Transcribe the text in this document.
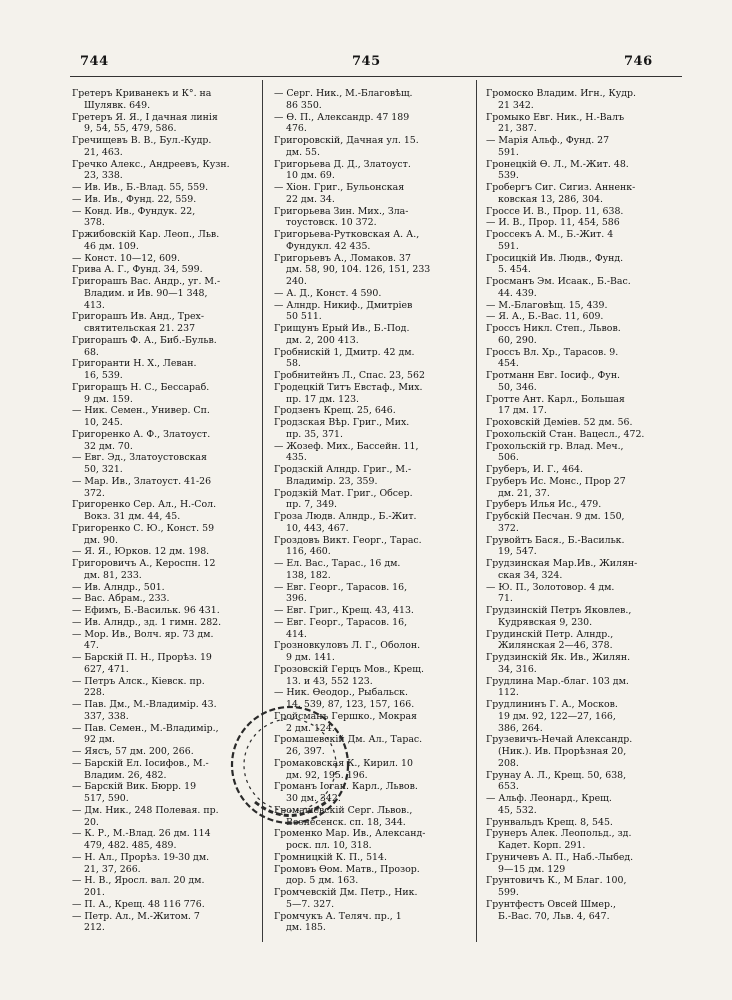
744	745	746
Гретеръ Криванекъ и К°. на
Шулявк. 649.
Гретеръ Я. Я., I дачная линія
9, 54, 55, 479, 586.
Гречищевъ В. В., Бул.-Кудр.
21, 463.
Гречко Алекс., Андреевъ, Кузн.
23, 338.
— Ив. Ив., Б.-Влад. 55, 559.
— Ив. Ив., Фунд. 22, 559.
— Конд. Ив., Фундук. 22,
378.
Гржибовскій Кар. Леоп., Льв.
46 дм. 109.
— Конст. 10—12, 609.
Грива А. Г., Фунд. 34, 599.
Григорашъ Вас. Андр., уг. М.-
Владим. и Ив. 90—1 348,
413.
Григорашъ Ив. Анд., Трех-
святительская 21. 237
Григорашъ Ф. А., Биб.-Бульв.
68.
Григоранти Н. Х., Леван.
16, 539.
Григоращъ Н. С., Бессараб.
9 дм. 159.
— Ник. Семен., Универ. Сп.
10, 245.
Григоренко А. Ф., Златоуст.
32 дм. 70.
— Евг. Эд., Златоустовская
50, 321.
— Мар. Ив., Златоуст. 41-26
372.
Григоренко Сер. Ал., Н.-Сол.
Вокз. 31 дм. 44, 45.
Григоренко С. Ю., Конст. 59
дм. 90.
— Я. Я., Юрков. 12 дм. 198.
Григоровичъ А., Кероспн. 12
дм. 81, 233.
— Ив. Алндр., 501.
— Вас. Абрам., 233.
— Ефимъ, Б.-Васильк. 96 431.
— Ив. Алндр., зд. 1 гимн. 282.
— Мор. Ив., Волч. яр. 73 дм.
47.
— Барскій П. Н., Прорѣз. 19
627, 471.
— Петръ Алск., Кіевск. пр.
228.
— Пав. Дм., М.-Владимір. 43.
337, 338.
— Пав. Семен., М.-Владимір.,
92 дм.
— Яясъ, 57 дм. 200, 266.
— Барскій Ел. Іосифов., М.-
Владим. 26, 482.
— Барскій Вик. Бюрр. 19
517, 590.
— Дм. Ник., 248 Полевая. пр.
20.
— К. Р., М.-Влад. 26 дм. 114
479, 482. 485, 489.
— Н. Ал., Прорѣз. 19-30 дм.
21, 37, 266.
— Н. В., Яросл. вал. 20 дм.
201.
— П. А., Крещ. 48 116 776.
— Петр. Ал., М.-Житом. 7
212.
— Серг. Ник., М.-Благовѣщ.
86 350.
— Ѳ. П., Александр. 47 189
476.
Григоровскій, Дачная ул. 15.
дм. 55.
Григорьева Д. Д., Златоуст.
10 дм. 69.
— Хіон. Григ., Бульонская
22 дм. 34.
Григорьева Зин. Мих., Зла-
тоустовск. 10 372.
Григорьева-Рутковская А. А.,
Фундукл. 42 435.
Григорьевъ А., Ломаков. 37
дм. 58, 90, 104. 126, 151, 233
240.
— А. Д., Конст. 4 590.
— Алндр. Никиф., Дмитріев
50 511.
Грищунъ Ерый Ив., Б.-Под.
дм. 2, 200 413.
Гробнискій 1, Дмитр. 42 дм.
58.
Гробнитейнъ Л., Спас. 23, 562
Гродецкій Титъ Евстаф., Мих.
пр. 17 дм. 123.
Гродзенъ Крещ. 25, 646.
Гродзская Вѣр. Григ., Мих.
пр. 35, 371.
— Жозеф. Мих., Бассейн. 11,
435.
Гродзскій Алндр. Григ., М.-
Владимір. 23, 359.
Гродзкій Мат. Григ., Обсер.
пр. 7, 349.
Гроза Людв. Алндр., Б.-Жит.
10, 443, 467.
Гроздовъ Викт. Георг., Тарас.
116, 460.
— Ел. Вас., Тарас., 16 дм.
138, 182.
— Евг. Георг., Тарасов. 16,
396.
— Евг. Григ., Крещ. 43, 413.
— Евг. Георг., Тарасов. 16,
414.
Грозновкуловъ Л. Г., Оболон.
9 дм. 141.
Грозовскій Герцъ Мов., Крещ.
13. и 43, 552 123.
— Ник. Ѳеодор., Рыбальск.
14. 539, 87, 123, 157, 166.
Гройсманъ Гершко., Мокрая
2 дм. 124.
Громашевскій Дм. Ал., Тарас.
26, 397.
Громаковская К., Кирил. 10
дм. 92, 195. 196.
Громанъ Іоган. Карл., Львов.
30 дм. 342.
Громашевскій Серг. Львов.,
Вознесенск. сп. 18, 344.
Громенко Мар. Ив., Александ-
роск. пл. 10, 318.
Громницкій К. П., 514.
Громовъ Ѳом. Матв., Прозор.
дор. 5 дм. 163.
Громчевскій Дм. Петр., Ник.
5—7. 327.
Громчукъ А. Теляч. пр., 1
дм. 185.
Громоско Владим. Игн., Кудр.
21 342.
Громыко Евг. Ник., Н.-Валъ
21, 387.
— Марія Альф., Фунд. 27
591.
Гронецкій Ѳ. Л., М.-Жит. 48.
539.
Гробергъ Сиг. Сигиз. Анненк-
ковская 13, 286, 304.
Гроссе И. В., Прор. 11, 638.
— И. В., Прор. 11, 454, 586
Гроссекъ А. М., Б.-Жит. 4
591.
Гросицкій Ив. Людв., Фунд.
5. 454.
Гросманъ Эм. Исаак., Б.-Вас.
44. 439.
— М.-Благовѣщ. 15, 439.
— Я. А., Б.-Вас. 11, 609.
Гроссъ Никл. Степ., Львов.
60, 290.
Гроссъ Вл. Хр., Тарасов. 9.
454.
Гротманн Евг. Іосиф., Фун.
50, 346.
Гротте Ант. Карл., Большая
17 дм. 17.
Гроховскій Деміев. 52 дм. 56.
Грохольскій Стан. Вацесл., 472.
Грохольскій гр. Влад. Меч.,
506.
Груберъ, И. Г., 464.
Груберъ Ис. Монс., Прор 27
дм. 21, 37.
Груберъ Илья Ис., 479.
Грубскій Песчан. 9 дм. 150,
372.
Грувойтъ Бася., Б.-Васильк.
19, 547.
Грудзинская Мар.Ив., Жилян-
ская 34, 324.
— Ю. П., Золотовор. 4 дм.
71.
Грудзинскій Петръ Яковлев.,
Кудрявская 9, 230.
Грудинскій Петр. Алндр.,
Жилянская 2—46, 378.
Грудзинскій Як. Ив., Жилян.
34, 316.
Грудлина Мар.-благ. 103 дм.
112.
Грудлининъ Г. А., Москов.
19 дм. 92, 122—27, 166,
386, 264.
Грузевичъ-Нечай Александр.
(Ник.). Ив. Прорѣзная 20,
208.
Грунау А. Л., Крещ. 50, 638,
653.
— Альф. Леонард., Крещ.
45, 532.
Грунвальдъ Крещ. 8, 545.
Грунеръ Алек. Леопольд., зд.
Кадет. Корп. 291.
Груничевъ А. П., Наб.-Лыбед.
9—15 дм. 129
Грунтовичъ К., М Благ. 100,
599.
Грунтфестъ Овсей Шмер.,
Б.-Вас. 70, Льв. 4, 647.
